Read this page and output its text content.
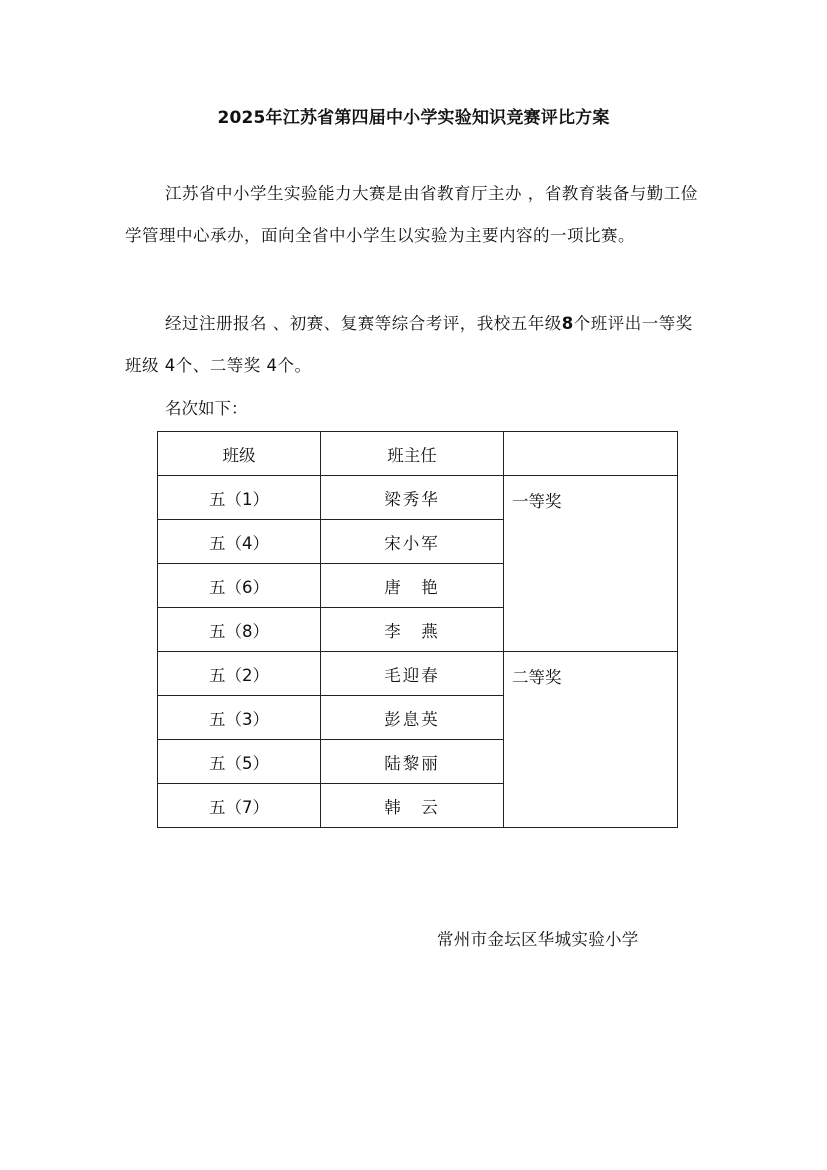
2025年江苏省第四届中小学实验知识竞赛评比方案

江苏省中小学生实验能力大赛是由省教育厅主办 ，省教育装备与勤工俭学管理中心承办，面向全省中小学生以实验为主要内容的一项比赛。

经过注册报名 、初赛、复赛等综合考评，我校五年级8个班评出一等奖班级 4个、二等奖 4个。

名次如下：
班级	班主任	
五（1）	梁秀华	一等奖
五（4）	宋小军	
五（6）	唐　艳	
五（8）	李　燕	
五（2）	毛迎春	二等奖
五（3）	彭息英	
五（5）	陆黎丽	
五（7）	韩　云	
常州市金坛区华城实验小学
